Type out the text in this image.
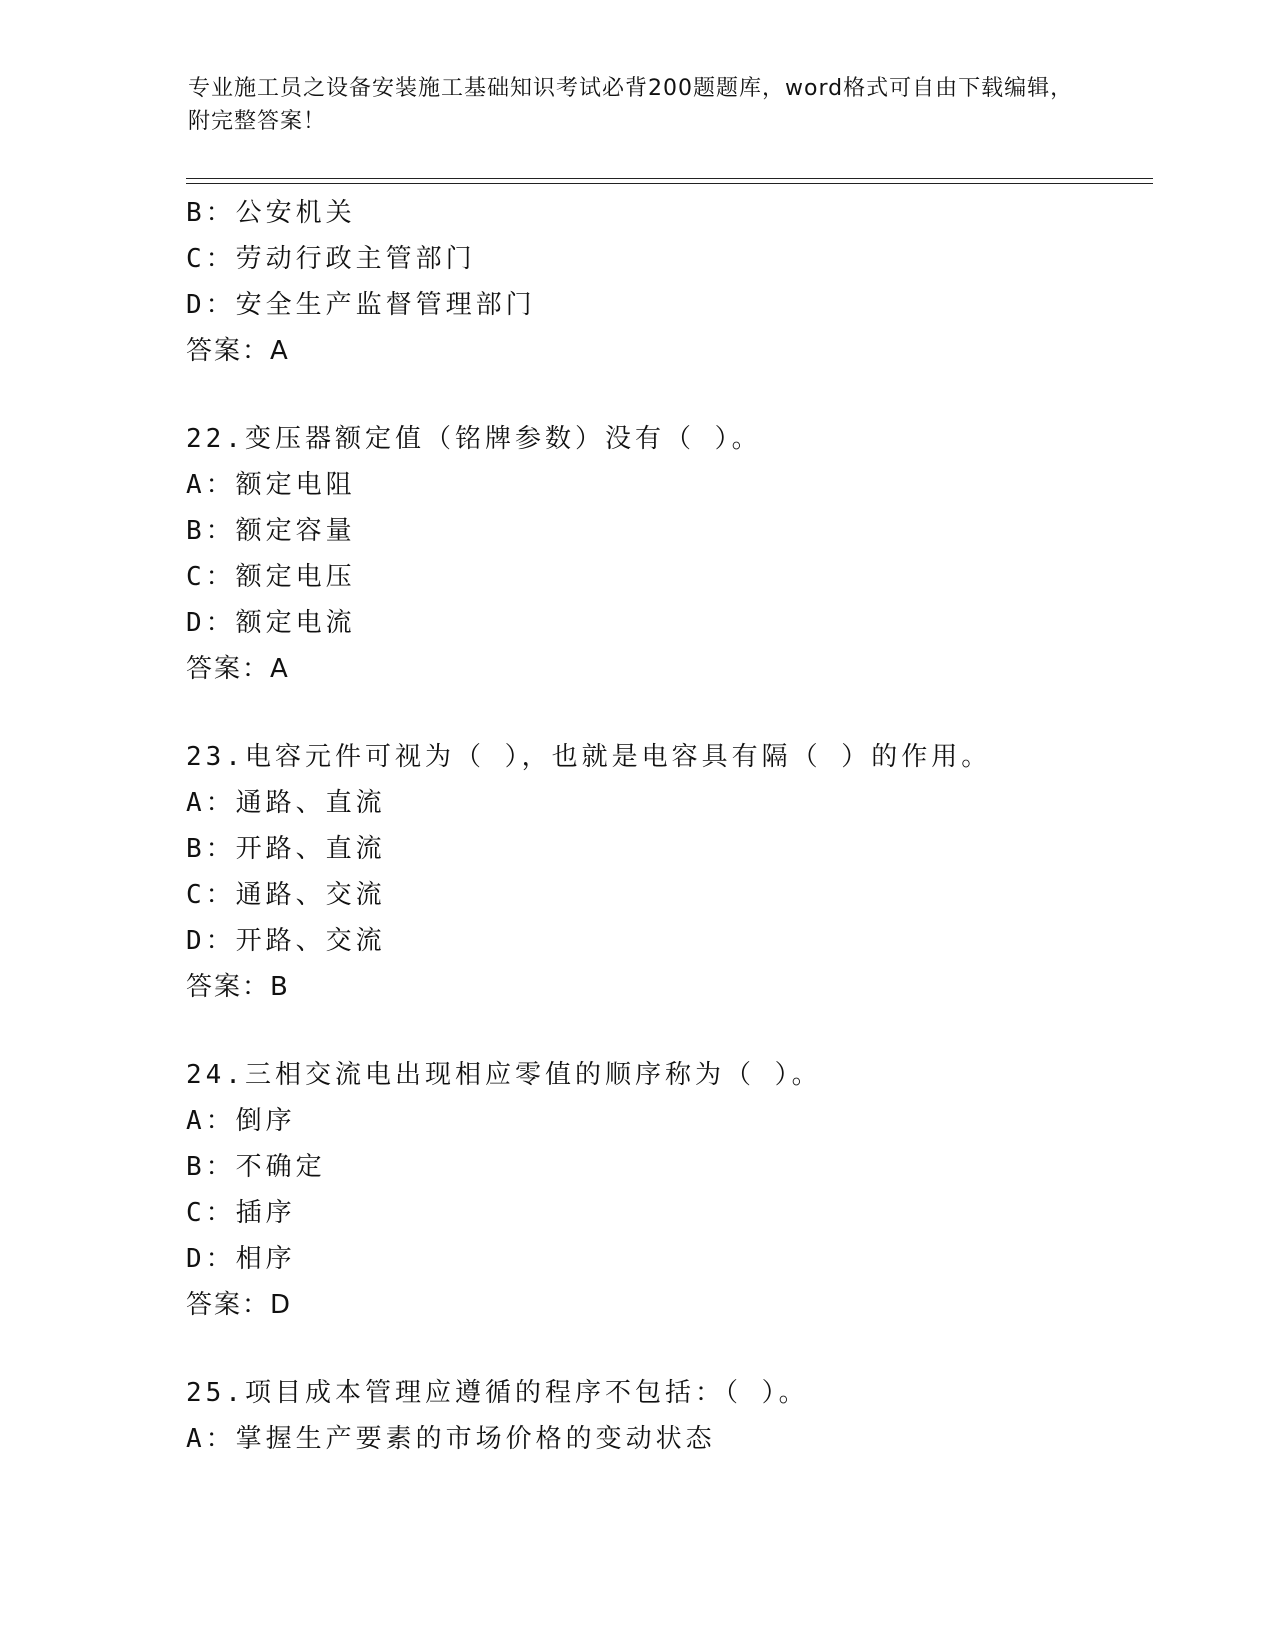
专业施工员之设备安装施工基础知识考试必背200题题库，word格式可自由下载编辑，附完整答案！
B：公安机关
C：劳动行政主管部门
D：安全生产监督管理部门
答案：A
22.变压器额定值（铭牌参数）没有（ ）。
A：额定电阻
B：额定容量
C：额定电压
D：额定电流
答案：A
23.电容元件可视为（ ），也就是电容具有隔（ ）的作用。
A：通路、直流
B：开路、直流
C：通路、交流
D：开路、交流
答案：B
24.三相交流电出现相应零值的顺序称为（ ）。
A：倒序
B：不确定
C：插序
D：相序
答案：D
25.项目成本管理应遵循的程序不包括：（ ）。
A：掌握生产要素的市场价格的变动状态
